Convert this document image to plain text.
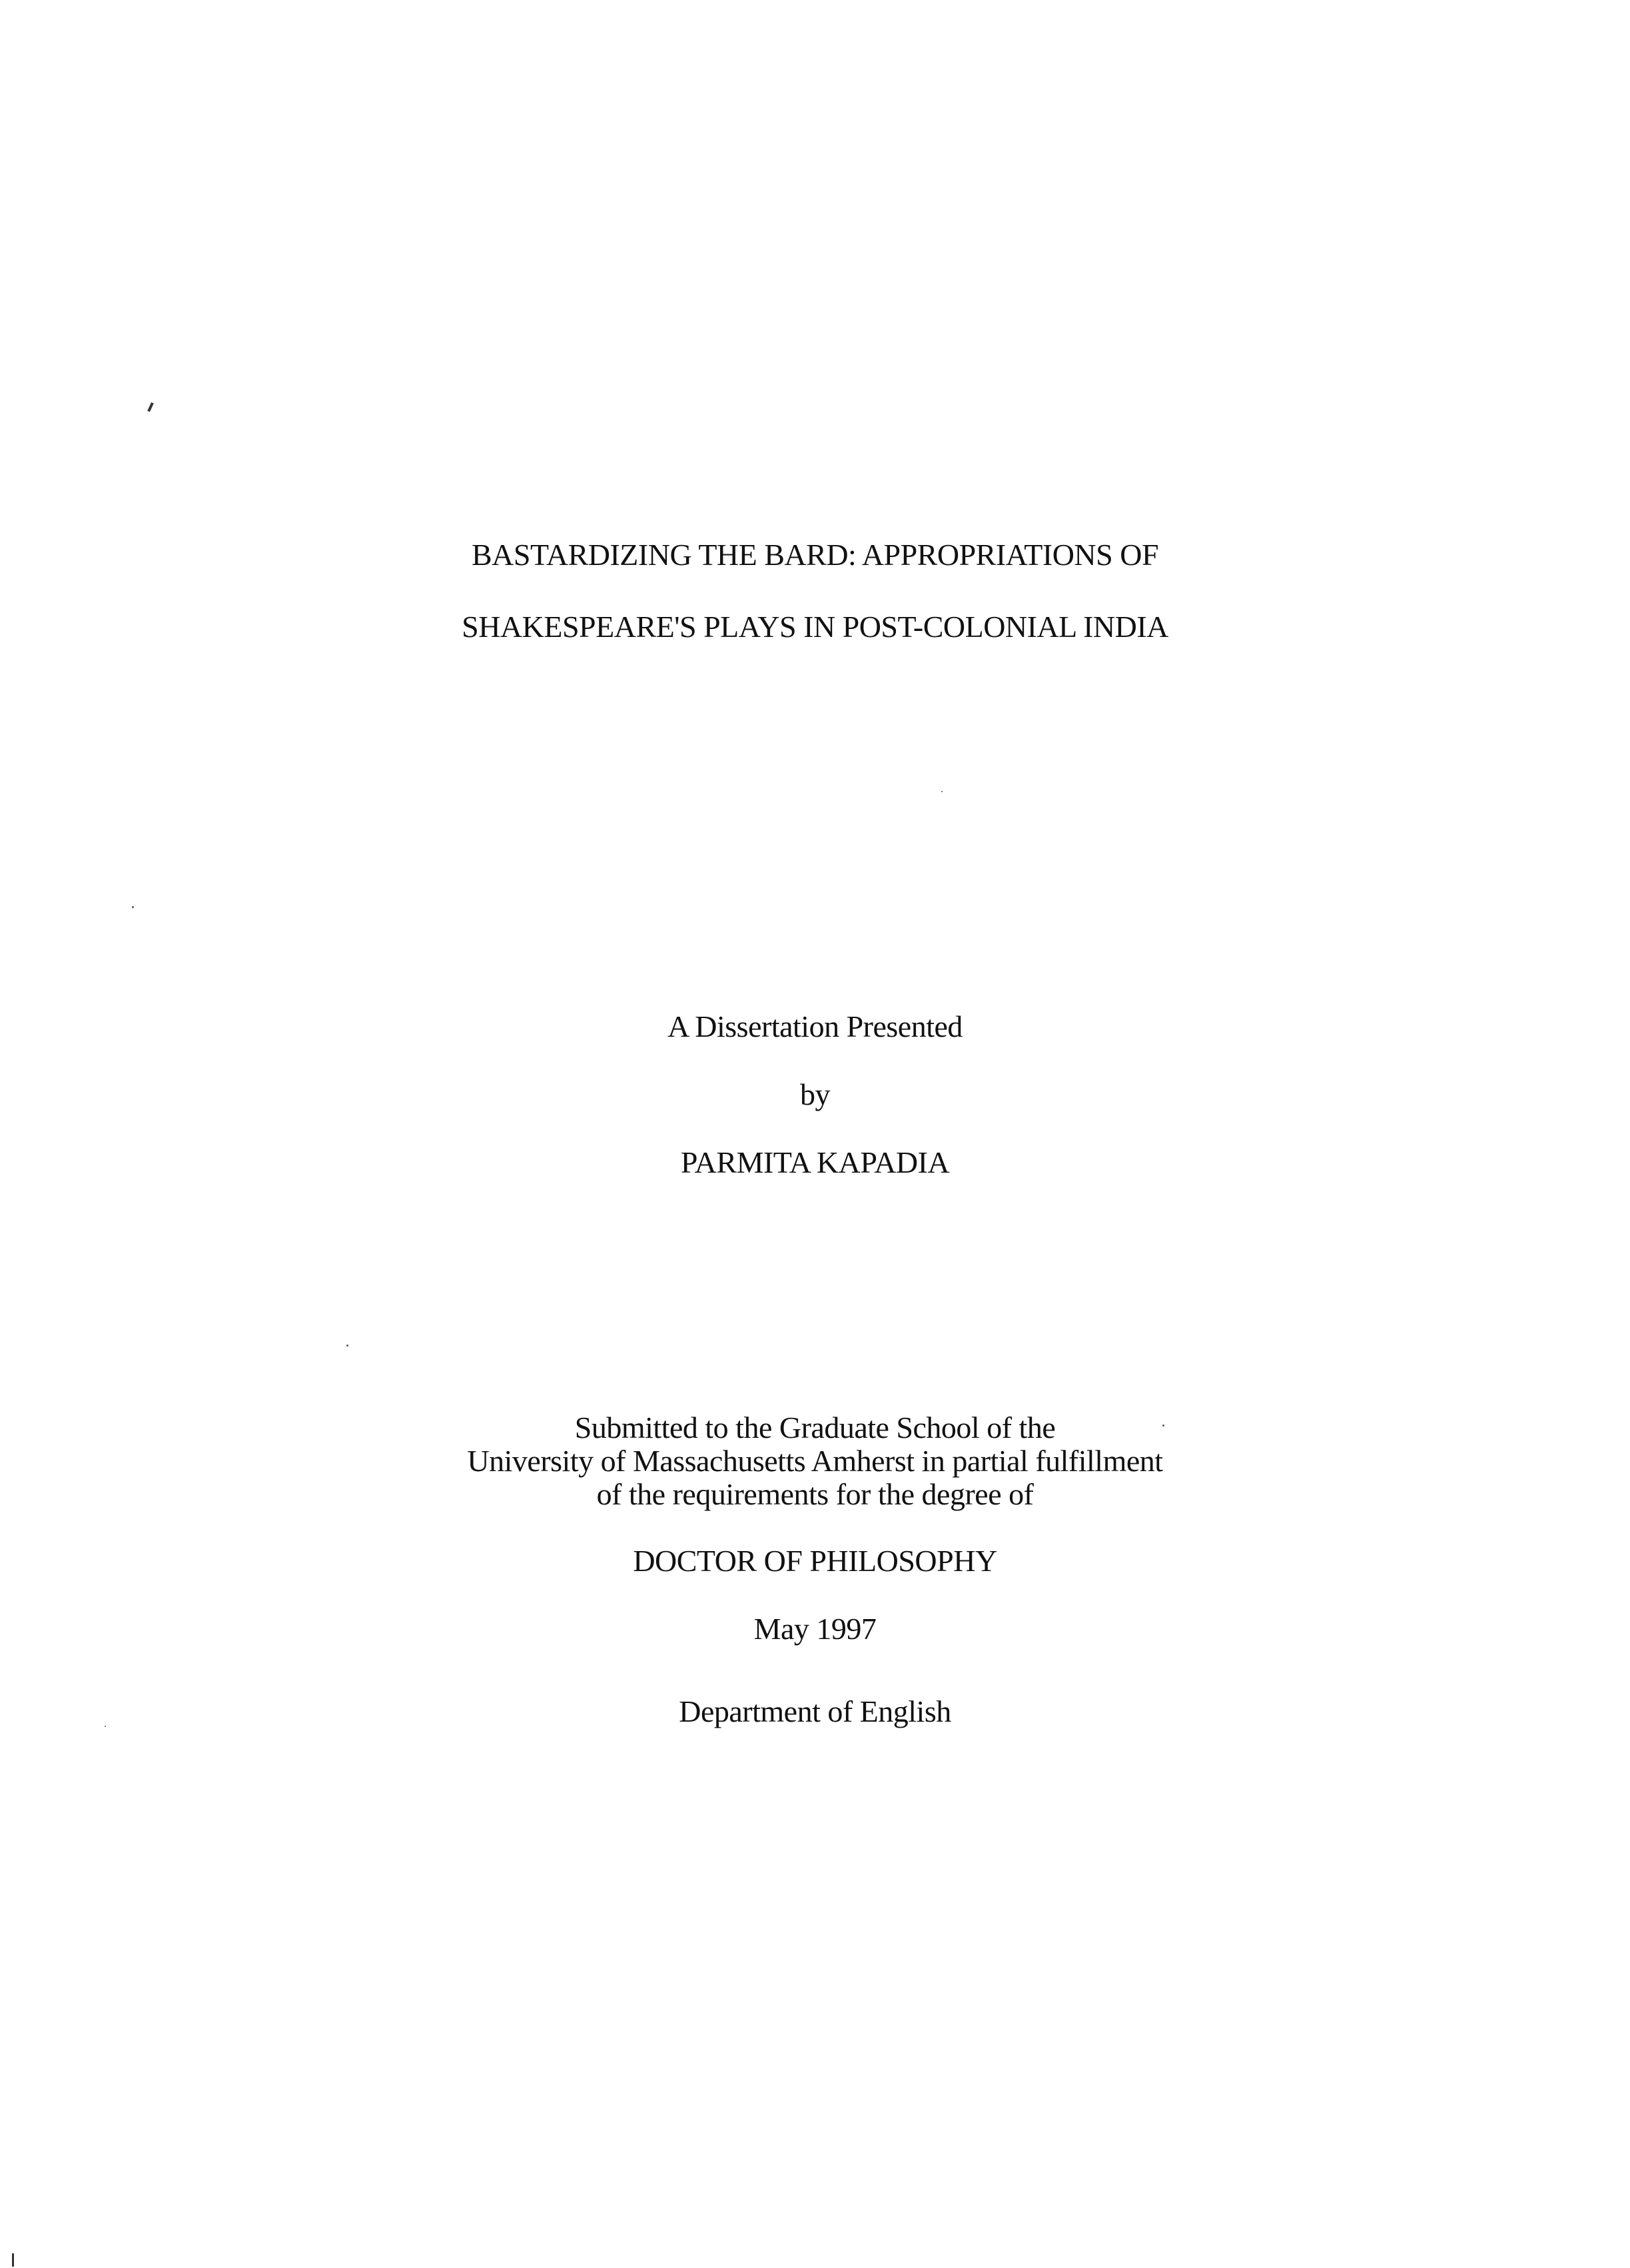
BASTARDIZING THE BARD: APPROPRIATIONS OF
SHAKESPEARE'S PLAYS IN POST-COLONIAL INDIA
A Dissertation Presented
by
PARMITA KAPADIA
Submitted to the Graduate School of the
University of Massachusetts Amherst in partial fulfillment
of the requirements for the degree of
DOCTOR OF PHILOSOPHY
May 1997
Department of English
